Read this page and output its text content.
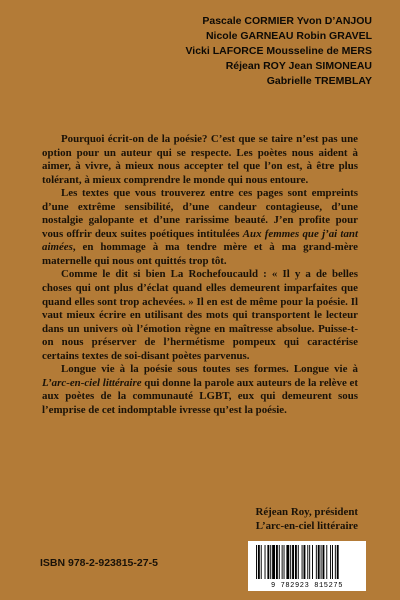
Pascale CORMIER Yvon D’ANJOU
Nicole GARNEAU Robin GRAVEL
Vicki LAFORCE Mousseline de MERS
Réjean ROY Jean SIMONEAU
Gabrielle TREMBLAY

Pourquoi écrit-on de la poésie? C’est que se taire n’est pas une option pour un auteur qui se respecte. Les poètes nous aident à aimer, à vivre, à mieux nous accepter tel que l’on est, à être plus tolérant, à mieux comprendre le monde qui nous entoure.

Les textes que vous trouverez entre ces pages sont empreints d’une extrême sensibilité, d’une candeur contagieuse, d’une nostalgie galopante et d’une rarissime beauté. J’en profite pour vous offrir deux suites poétiques intitulées Aux femmes que j’ai tant aimées, en hommage à ma tendre mère et à ma grand-mère maternelle qui nous ont quittés trop tôt.

Comme le dit si bien La Rochefoucauld : « Il y a de belles choses qui ont plus d’éclat quand elles demeurent imparfaites que quand elles sont trop achevées. » Il en est de même pour la poésie. Il vaut mieux écrire en utilisant des mots qui transportent le lecteur dans un univers où l’émotion règne en maîtresse absolue. Puisse-t-on nous préserver de l’hermétisme pompeux qui caractérise certains textes de soi-disant poètes parvenus.

Longue vie à la poésie sous toutes ses formes. Longue vie à L’arc-en-ciel littéraire qui donne la parole aux auteurs de la relève et aux poètes de la communauté LGBT, eux qui demeurent sous l’emprise de cet indomptable ivresse qu’est la poésie.

Réjean Roy, président
L’arc-en-ciel littéraire
ISBN 978-2-923815-27-5
9 782923 815275
